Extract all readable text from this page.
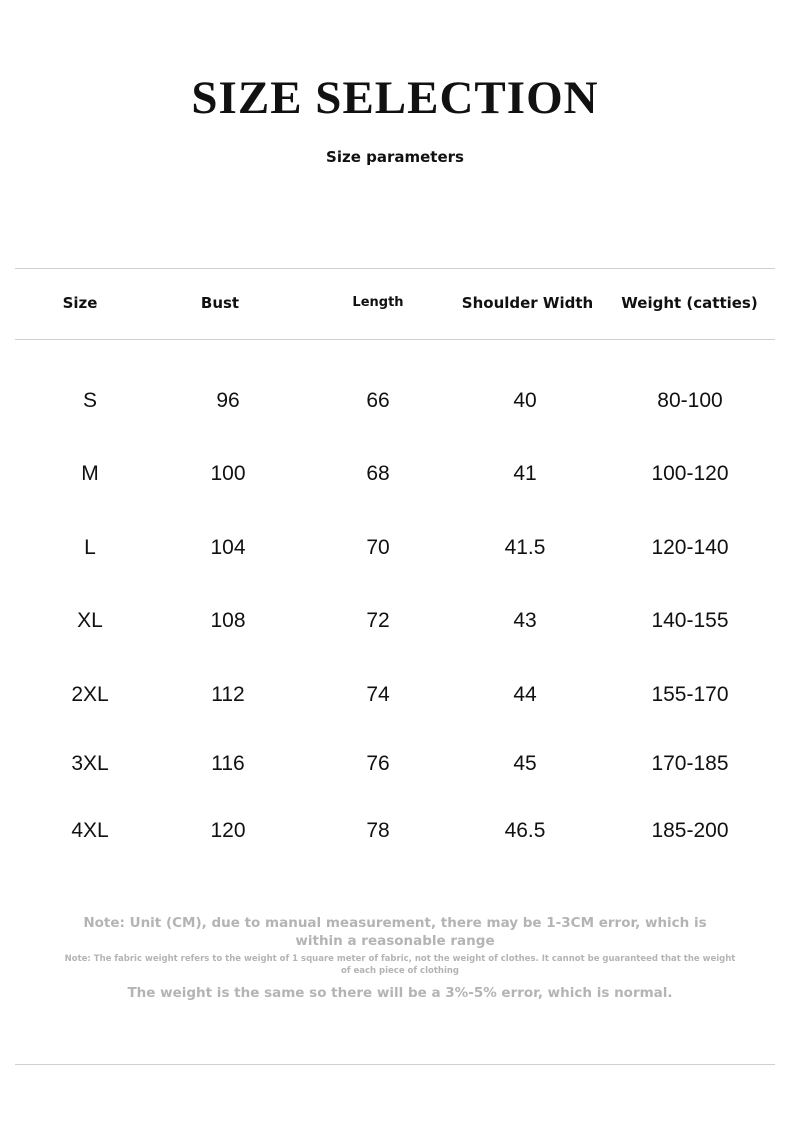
SIZE SELECTION
Size parameters
Size	Bust	Length	Shoulder Width	Weight (catties)
S	96	66	40	80-100
M	100	68	41	100-120
L	104	70	41.5	120-140
XL	108	72	43	140-155
2XL	112	74	44	155-170
3XL	116	76	45	170-185
4XL	120	78	46.5	185-200
Note: Unit (CM), due to manual measurement, there may be 1-3CM error, which is within a reasonable range
Note: The fabric weight refers to the weight of 1 square meter of fabric, not the weight of clothes. It cannot be guaranteed that the weight of each piece of clothing
The weight is the same so there will be a 3%-5% error, which is normal.
